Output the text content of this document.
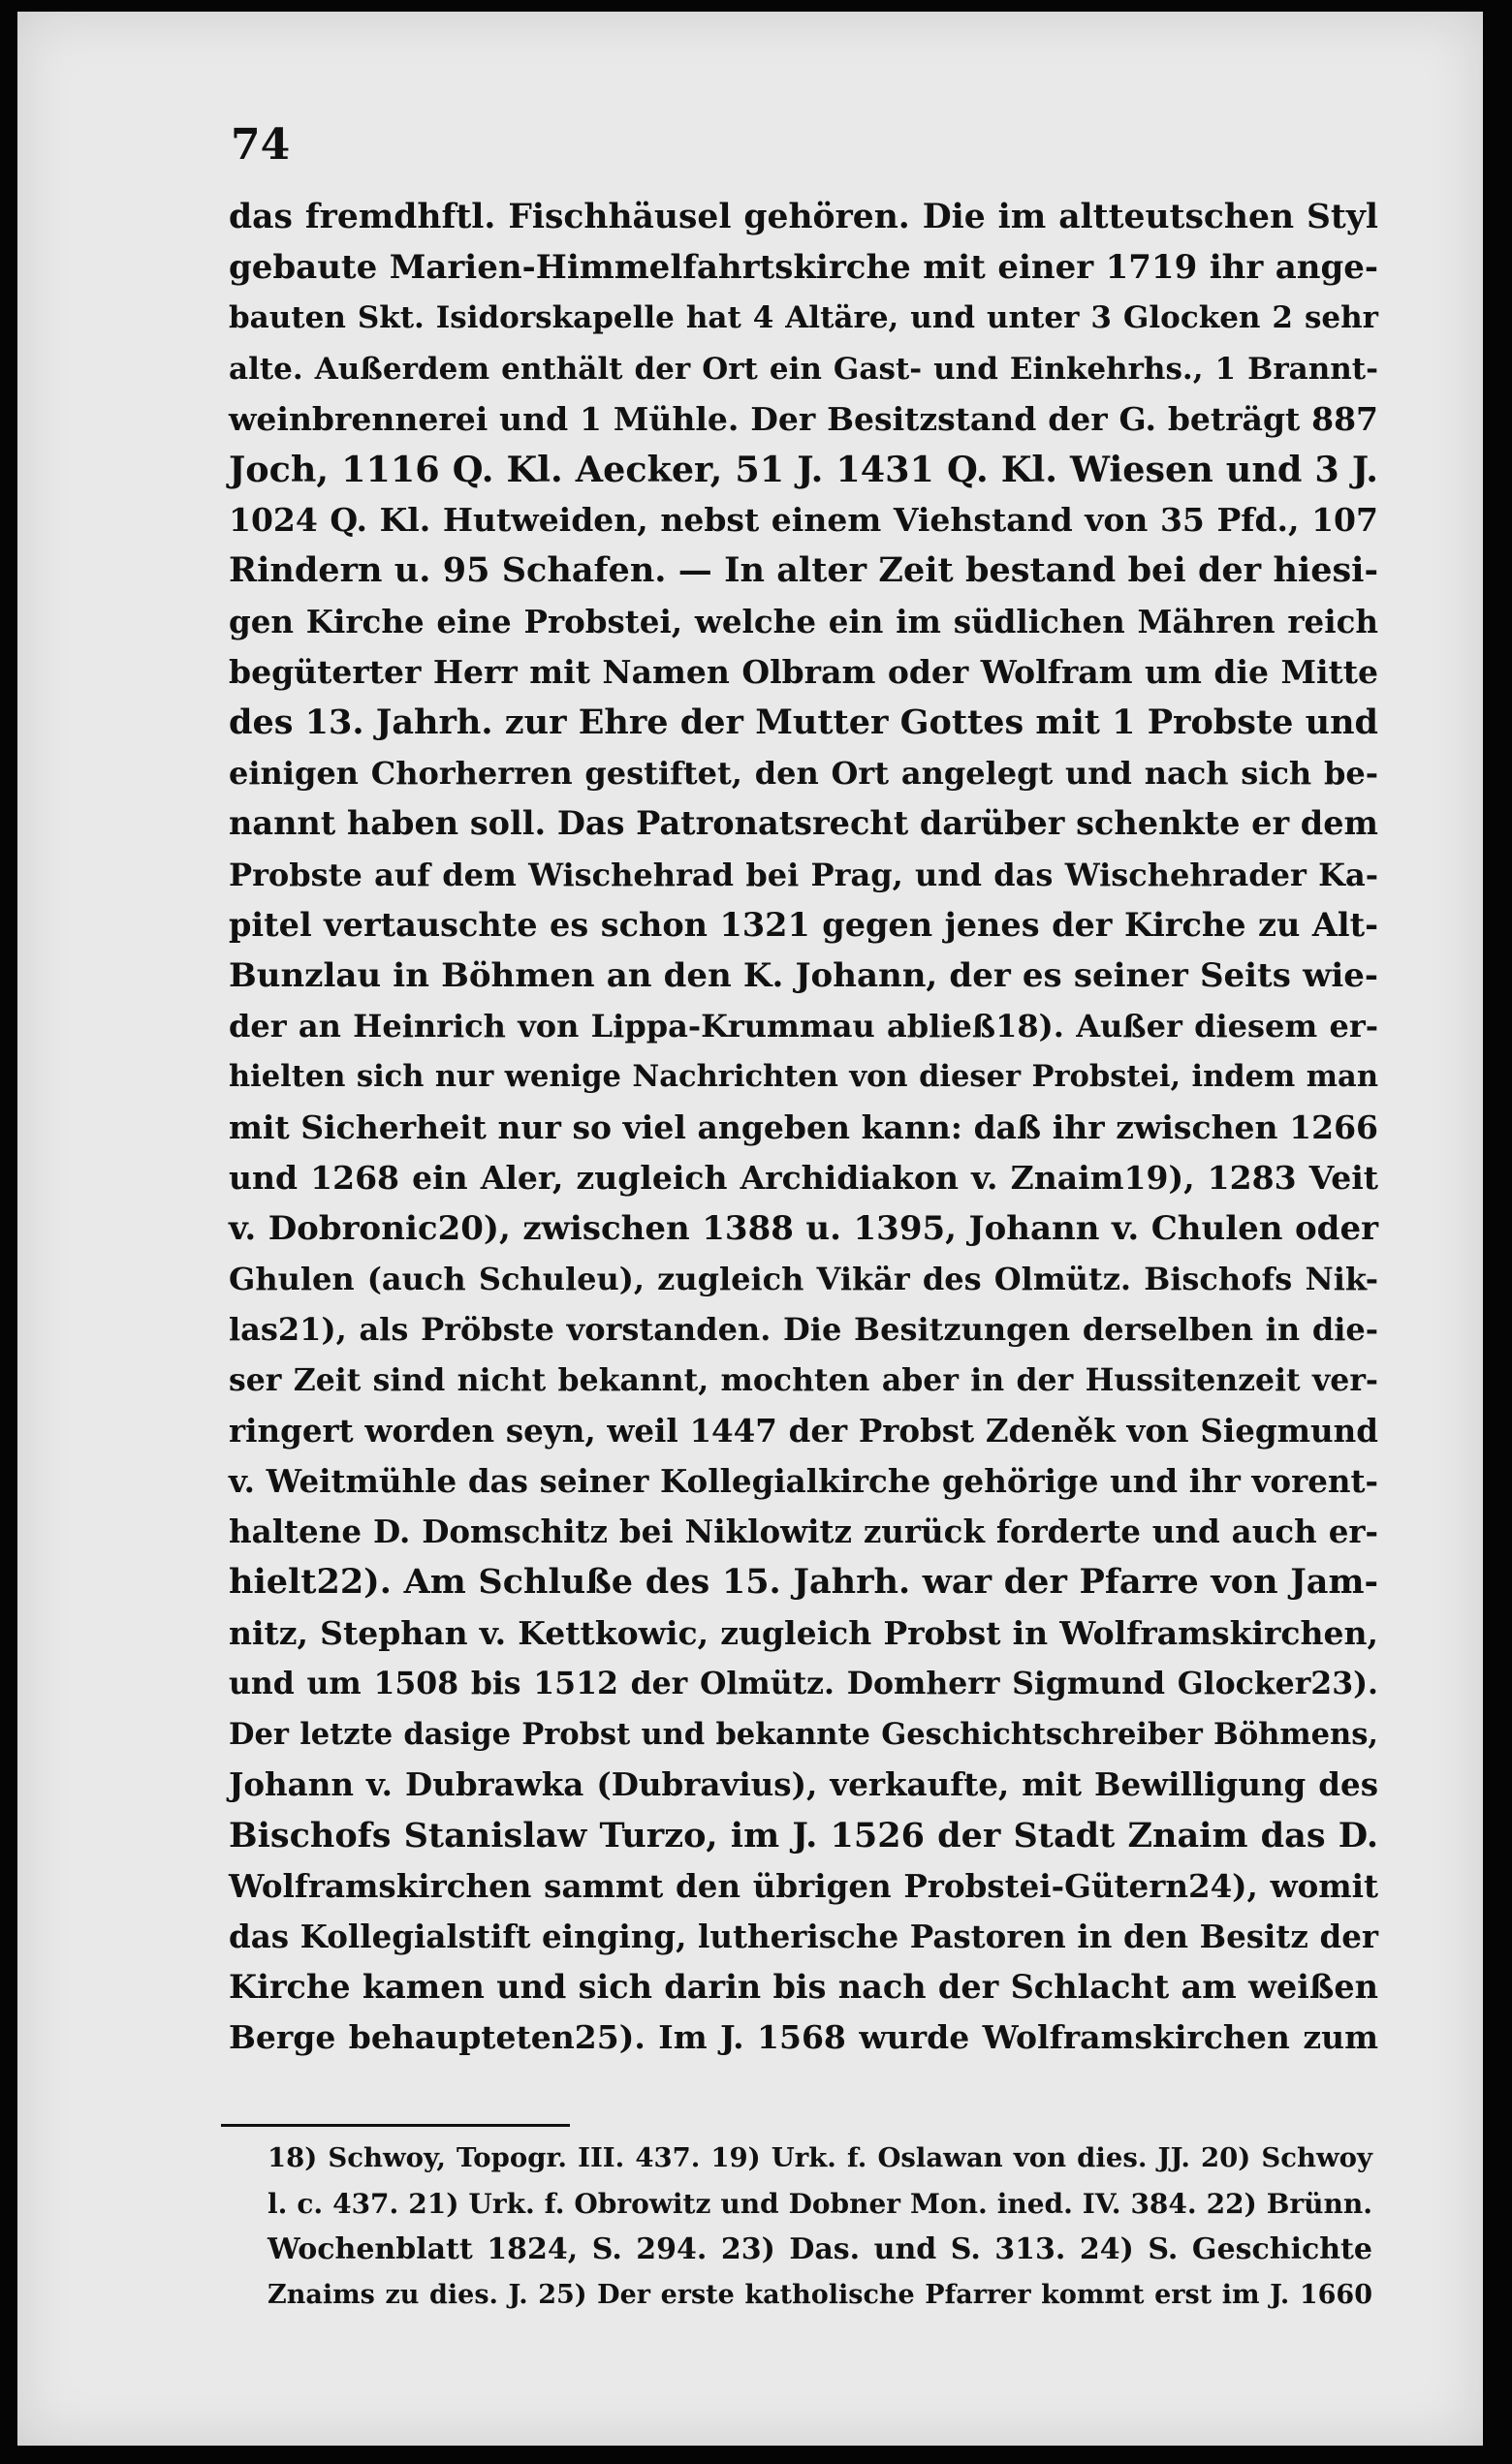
74
das fremdhftl. Fischhäusel gehören. Die im altteutschen Styl
gebaute Marien-Himmelfahrtskirche mit einer 1719 ihr ange-
bauten Skt. Isidorskapelle hat 4 Altäre, und unter 3 Glocken 2 sehr
alte. Außerdem enthält der Ort ein Gast- und Einkehrhs., 1 Brannt-
weinbrennerei und 1 Mühle. Der Besitzstand der G. beträgt 887
Joch, 1116 Q. Kl. Aecker, 51 J. 1431 Q. Kl. Wiesen und 3 J.
1024 Q. Kl. Hutweiden, nebst einem Viehstand von 35 Pfd., 107
Rindern u. 95 Schafen. — In alter Zeit bestand bei der hiesi-
gen Kirche eine Probstei, welche ein im südlichen Mähren reich
begüterter Herr mit Namen Olbram oder Wolfram um die Mitte
des 13. Jahrh. zur Ehre der Mutter Gottes mit 1 Probste und
einigen Chorherren gestiftet, den Ort angelegt und nach sich be-
nannt haben soll. Das Patronatsrecht darüber schenkte er dem
Probste auf dem Wischehrad bei Prag, und das Wischehrader Ka-
pitel vertauschte es schon 1321 gegen jenes der Kirche zu Alt-
Bunzlau in Böhmen an den K. Johann, der es seiner Seits wie-
der an Heinrich von Lippa-Krummau abließ18). Außer diesem er-
hielten sich nur wenige Nachrichten von dieser Probstei, indem man
mit Sicherheit nur so viel angeben kann: daß ihr zwischen 1266
und 1268 ein Aler, zugleich Archidiakon v. Znaim19), 1283 Veit
v. Dobronic20), zwischen 1388 u. 1395, Johann v. Chulen oder
Ghulen (auch Schuleu), zugleich Vikär des Olmütz. Bischofs Nik-
las21), als Pröbste vorstanden. Die Besitzungen derselben in die-
ser Zeit sind nicht bekannt, mochten aber in der Hussitenzeit ver-
ringert worden seyn, weil 1447 der Probst Zdeněk von Siegmund
v. Weitmühle das seiner Kollegialkirche gehörige und ihr vorent-
haltene D. Domschitz bei Niklowitz zurück forderte und auch er-
hielt22). Am Schluße des 15. Jahrh. war der Pfarre von Jam-
nitz, Stephan v. Kettkowic, zugleich Probst in Wolframskirchen,
und um 1508 bis 1512 der Olmütz. Domherr Sigmund Glocker23).
Der letzte dasige Probst und bekannte Geschichtschreiber Böhmens,
Johann v. Dubrawka (Dubravius), verkaufte, mit Bewilligung des
Bischofs Stanislaw Turzo, im J. 1526 der Stadt Znaim das D.
Wolframskirchen sammt den übrigen Probstei-Gütern24), womit
das Kollegialstift einging, lutherische Pastoren in den Besitz der
Kirche kamen und sich darin bis nach der Schlacht am weißen
Berge behaupteten25). Im J. 1568 wurde Wolframskirchen zum
18) Schwoy, Topogr. III. 437. 19) Urk. f. Oslawan von dies. JJ. 20) Schwoy
l. c. 437. 21) Urk. f. Obrowitz und Dobner Mon. ined. IV. 384. 22) Brünn.
Wochenblatt 1824, S. 294. 23) Das. und S. 313. 24) S. Geschichte
Znaims zu dies. J. 25) Der erste katholische Pfarrer kommt erst im J. 1660
